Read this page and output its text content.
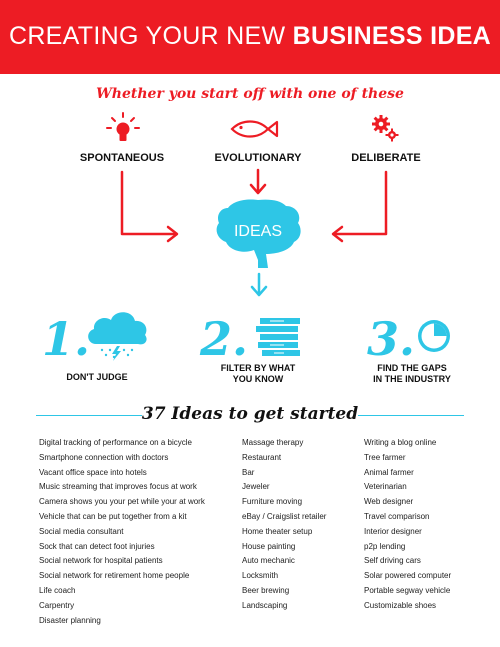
CREATING YOUR NEW BUSINESS IDEA
Whether you start off with one of these
SPONTANEOUS	EVOLUTIONARY	DELIBERATE
IDEAS
1.
DON'T JUDGE
2.
FILTER BY WHAT
YOU KNOW
3.
FIND THE GAPS
IN THE INDUSTRY
37 Ideas to get started
Digital tracking of performance on a bicycle
Smartphone connection with doctors
Vacant office space into hotels
Music streaming that improves focus at work
Camera shows you your pet while your at work
Vehicle that can be put together from a kit
Social media consultant
Sock that can detect foot injuries
Social network for hospital patients
Social network for retirement home people
Life coach
Carpentry
Disaster planning
Massage therapy
Restaurant
Bar
Jeweler
Furniture moving
eBay / Craigslist retailer
Home theater setup
House painting
Auto mechanic
Locksmith
Beer brewing
Landscaping
Writing a blog online
Tree farmer
Animal farmer
Veterinarian
Web designer
Travel comparison
Interior designer
p2p lending
Self driving cars
Solar powered computer
Portable segway vehicle
Customizable shoes
